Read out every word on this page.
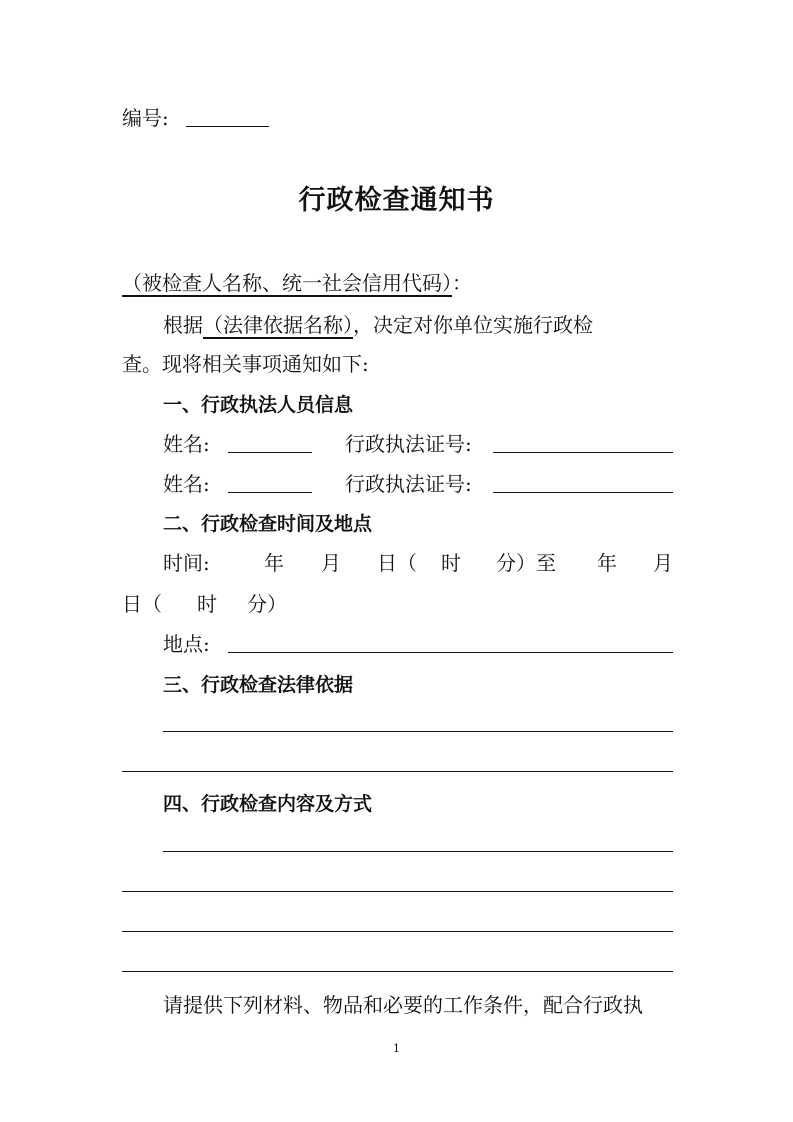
编号:
行政检查通知书
（被检查人名称、统一社会信用代码）：
根据（法律依据名称），决定对你单位实施行政检
查。现将相关事项通知如下:
一、行政执法人员信息
姓名:	行政执法证号:
姓名:	行政执法证号:
二、行政检查时间及地点
时间:	年 月 日（ 时 分）至 年 月
日（ 时 分）
地点:
三、行政检查法律依据
四、行政检查内容及方式
请提供下列材料、物品和必要的工作条件，配合行政执
1
